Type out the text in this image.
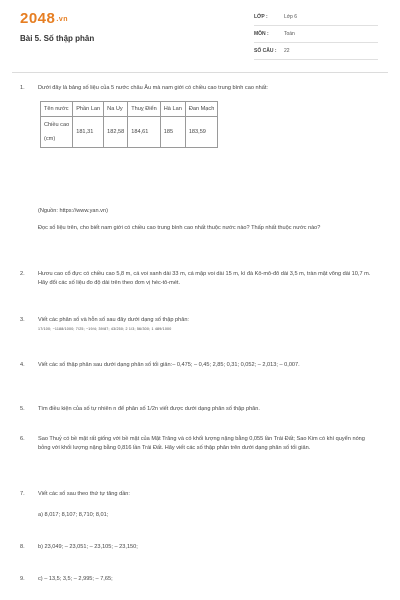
2048.vn
Bài 5. Số thập phân
LỚP :	Lớp 6
MÔN :	Toán
SỐ CÂU : 22
1.	Dưới đây là bảng số liệu của 5 nước châu Âu mà nam giới có chiều cao trung bình cao nhất:
Tên nước	Phần Lan	Na Uy	Thuỵ Điển	Hà Lan	Đan Mạch

Chiều cao
(cm)	181,31	182,58	184,61	185	183,59
(Nguồn: https://www.yan.vn)
Đọc số liệu trên, cho biết nam giới có chiều cao trung bình cao nhất thuộc nước nào? Thấp nhất thuộc nước nào?
2.	Hươu cao cổ đực có chiều cao 5,8 m, cá voi xanh dài 33 m, cá mập voi dài 15 m, kì đà Kô-mô-đô dài 3,5 m, tràn mặt võng dài 10,7 m. Hãy đổi các số liệu đo độ dài trên theo đơn vị héc-tô-mét.
3.	Viết các phân số và hỗn số sau đây dưới dạng số thập phân:
17/100; −1188/1000; 7/25; −19/4; 39/87; 43/250; 2 1/3; 56/300; 1 489/1000
4.	Viết các số thập phân sau dưới dạng phân số tối giản:– 0,475; – 0,45; 2,85; 0,31; 0,052; – 2,013; – 0,007.
5.	Tìm điều kiện của số tự nhiên n để phân số 1/2n viết được dưới dạng phân số thập phân.
6.	Sao Thuỷ có bề mặt rất giống với bề mặt của Mặt Trăng và có khối lượng nặng bằng 0,055 lần Trái Đất; Sao Kim có khí quyển nóng bỏng với khối lượng nặng bằng 0,816 lần Trái Đất. Hãy viết các số thập phân trên dưới dạng phân số tối giản.
7.	Viết các số sau theo thứ tự tăng dần:
a) 8,017; 8,107; 8,710; 8,01;
8.	b) 23,049; – 23,051; – 23,105; – 23,150;
9.	c) – 13,5; 3,5; – 2,995; – 7,65;
